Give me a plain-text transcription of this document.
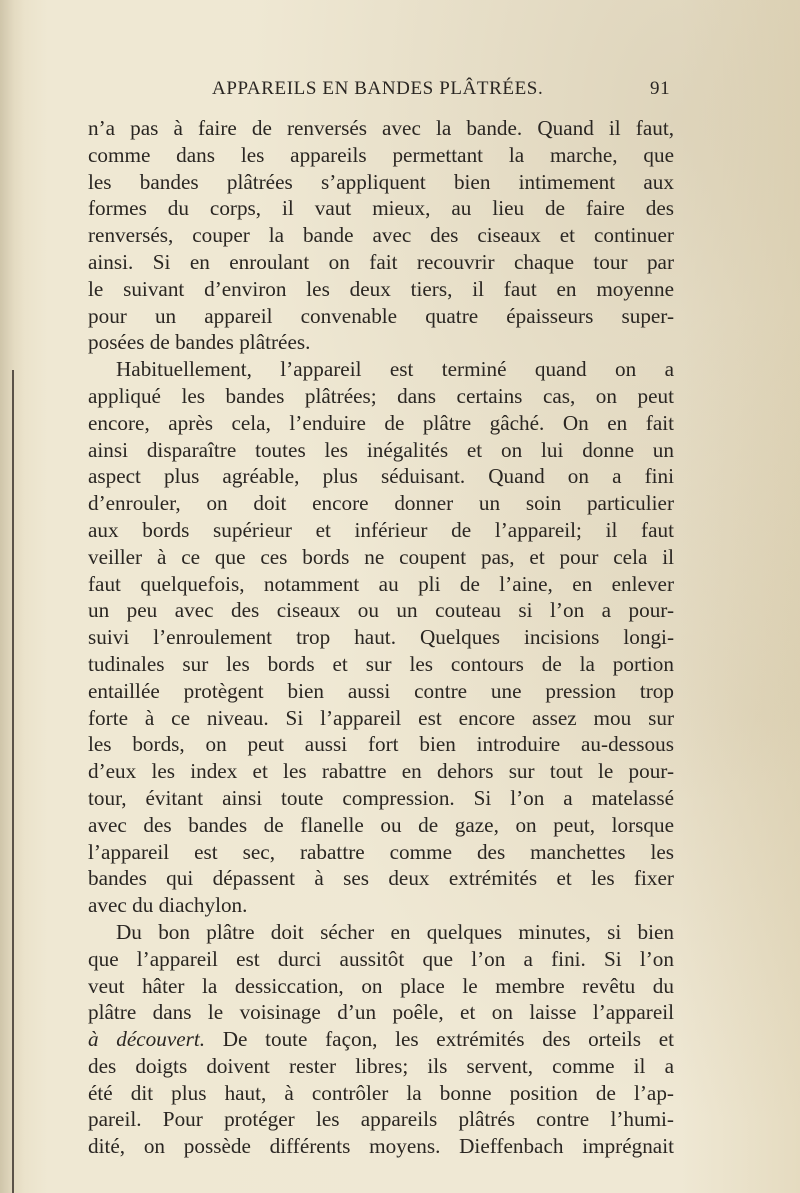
APPAREILS EN BANDES PLÂTRÉES.	91
n’a pas à faire de renversés avec la bande. Quand il faut,
comme dans les appareils permettant la marche, que
les bandes plâtrées s’appliquent bien intimement aux
formes du corps, il vaut mieux, au lieu de faire des
renversés, couper la bande avec des ciseaux et continuer
ainsi. Si en enroulant on fait recouvrir chaque tour par
le suivant d’environ les deux tiers, il faut en moyenne
pour un appareil convenable quatre épaisseurs super-
posées de bandes plâtrées.
Habituellement, l’appareil est terminé quand on a
appliqué les bandes plâtrées; dans certains cas, on peut
encore, après cela, l’enduire de plâtre gâché. On en fait
ainsi disparaître toutes les inégalités et on lui donne un
aspect plus agréable, plus séduisant. Quand on a fini
d’enrouler, on doit encore donner un soin particulier
aux bords supérieur et inférieur de l’appareil; il faut
veiller à ce que ces bords ne coupent pas, et pour cela il
faut quelquefois, notamment au pli de l’aine, en enlever
un peu avec des ciseaux ou un couteau si l’on a pour-
suivi l’enroulement trop haut. Quelques incisions longi-
tudinales sur les bords et sur les contours de la portion
entaillée protègent bien aussi contre une pression trop
forte à ce niveau. Si l’appareil est encore assez mou sur
les bords, on peut aussi fort bien introduire au-dessous
d’eux les index et les rabattre en dehors sur tout le pour-
tour, évitant ainsi toute compression. Si l’on a matelassé
avec des bandes de flanelle ou de gaze, on peut, lorsque
l’appareil est sec, rabattre comme des manchettes les
bandes qui dépassent à ses deux extrémités et les fixer
avec du diachylon.
Du bon plâtre doit sécher en quelques minutes, si bien
que l’appareil est durci aussitôt que l’on a fini. Si l’on
veut hâter la dessiccation, on place le membre revêtu du
plâtre dans le voisinage d’un poêle, et on laisse l’appareil
à découvert. De toute façon, les extrémités des orteils et
des doigts doivent rester libres; ils servent, comme il a
été dit plus haut, à contrôler la bonne position de l’ap-
pareil. Pour protéger les appareils plâtrés contre l’humi-
dité, on possède différents moyens. Dieffenbach imprégnait
